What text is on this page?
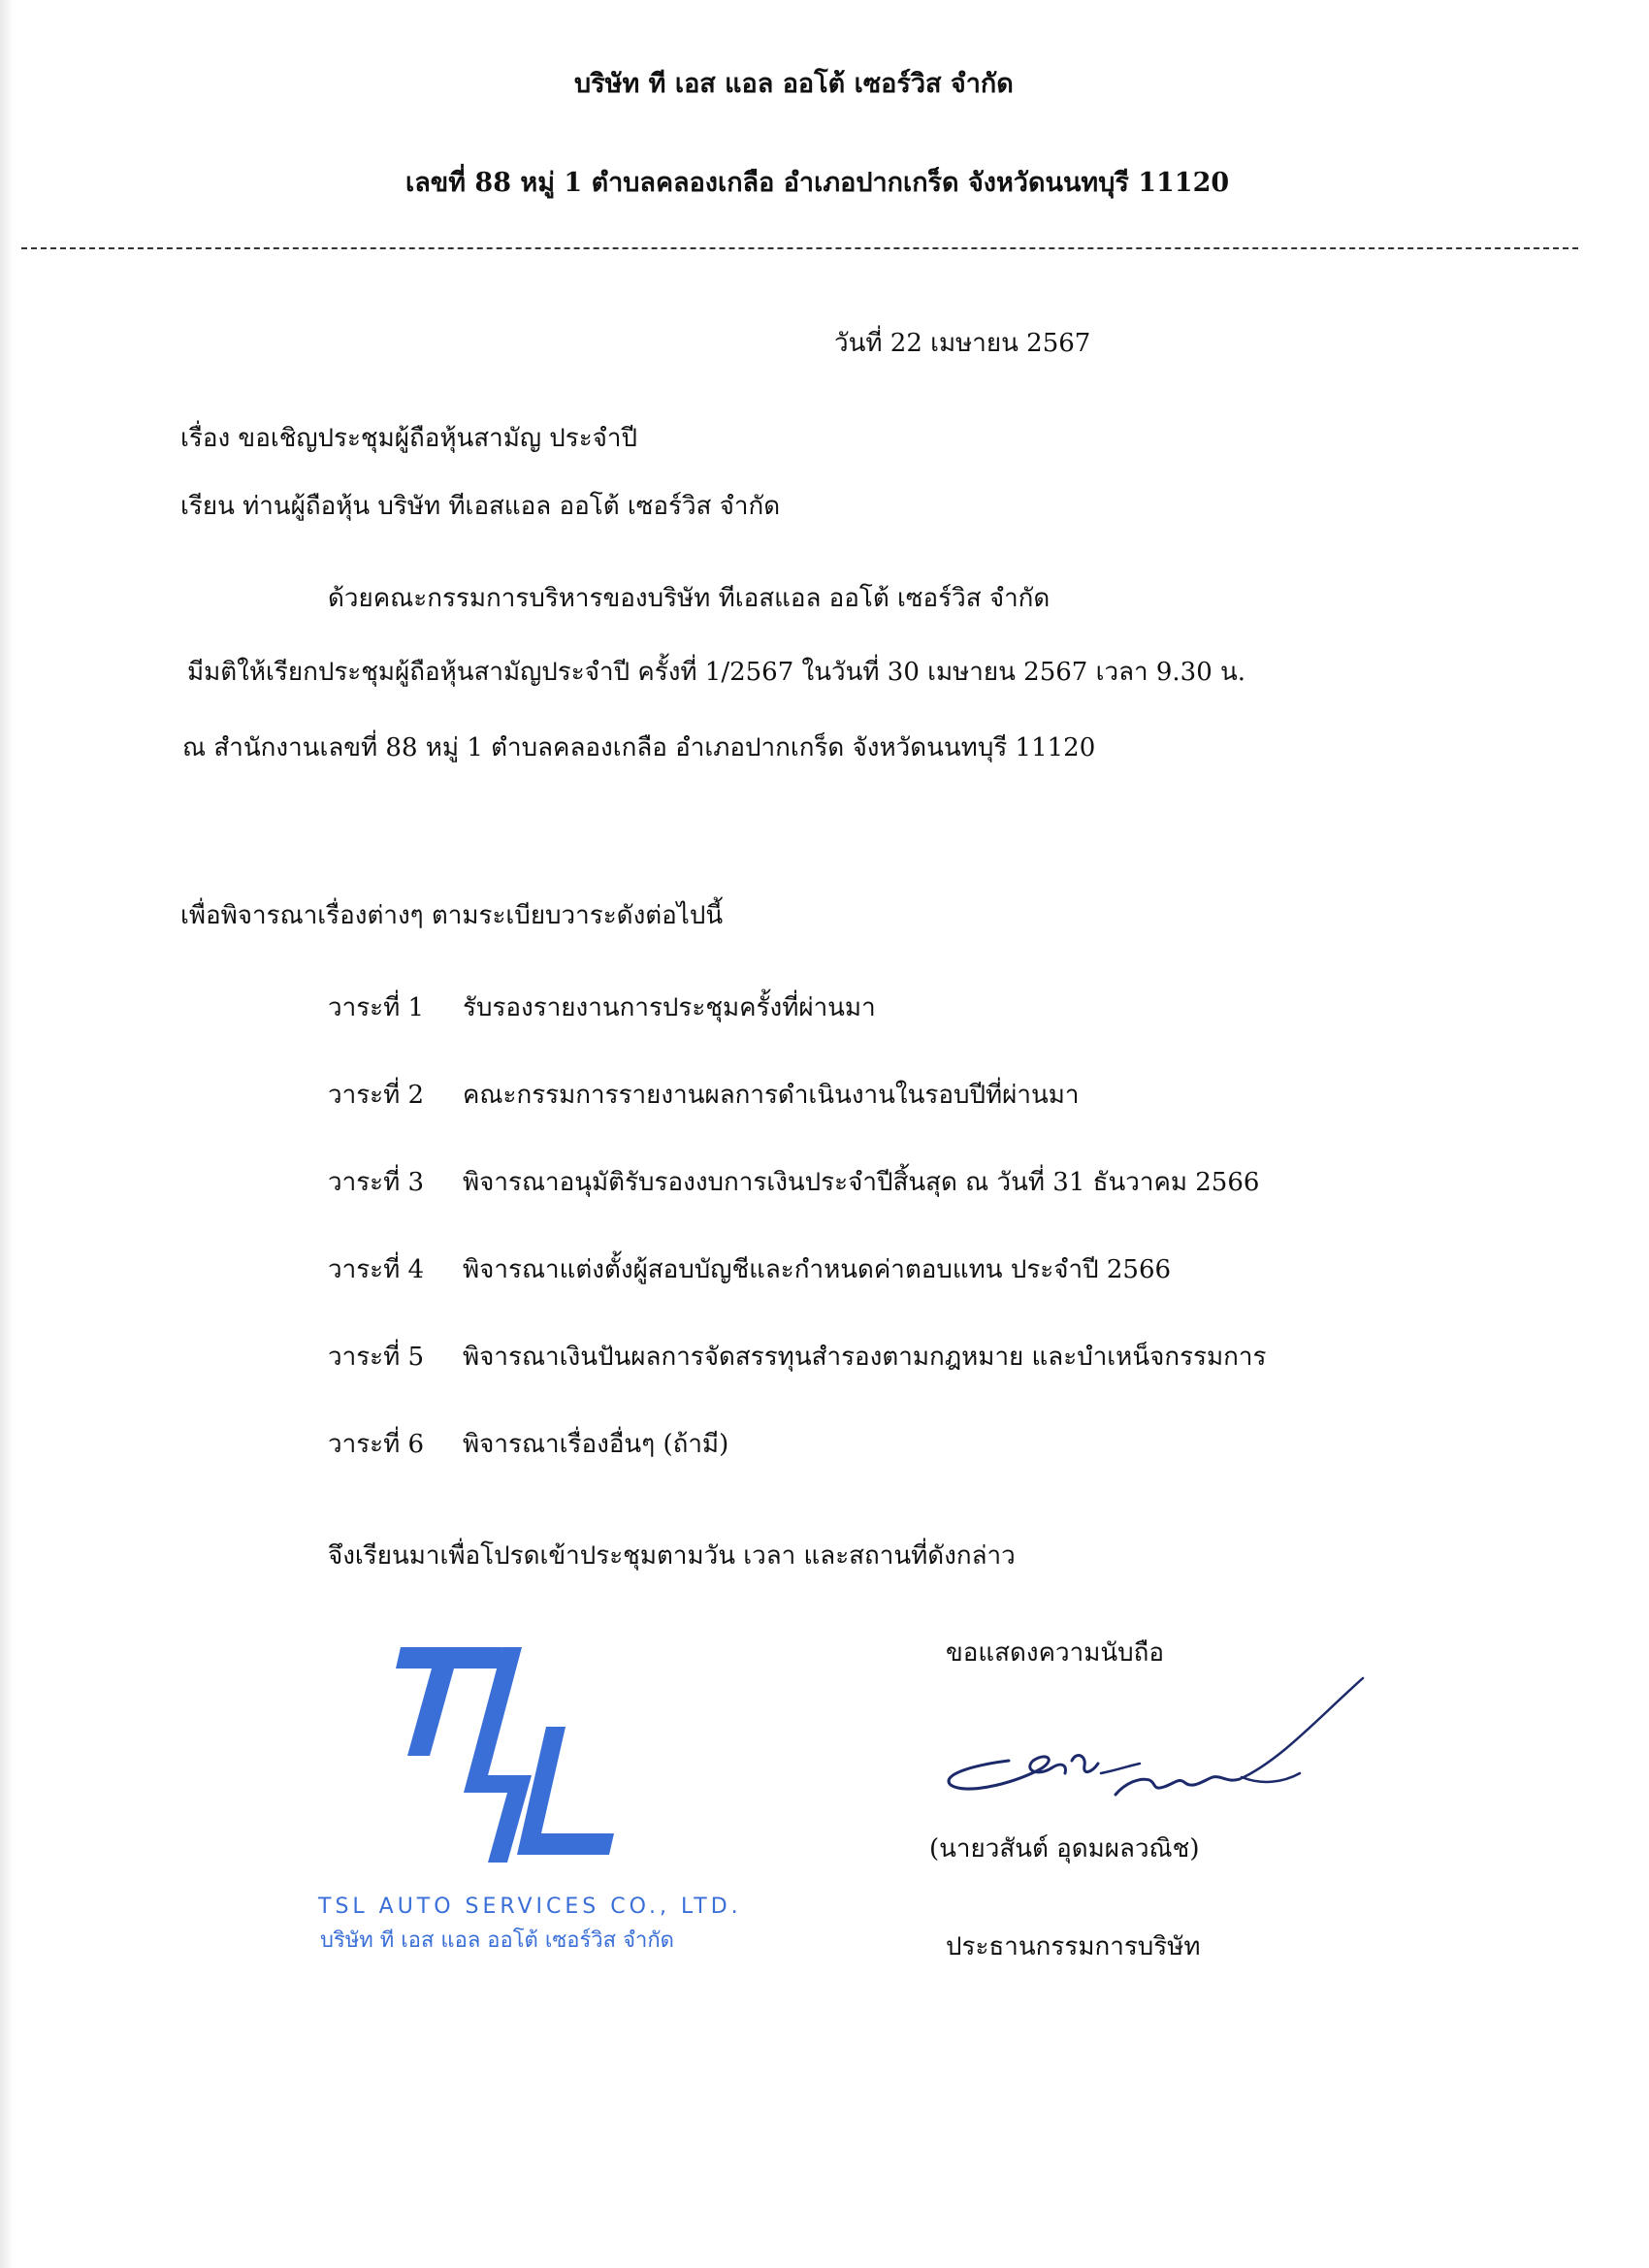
บริษัท ที เอส แอล ออโต้ เซอร์วิส จำกัด
เลขที่ 88 หมู่ 1 ตำบลคลองเกลือ อำเภอปากเกร็ด จังหวัดนนทบุรี 11120
วันที่ 22 เมษายน 2567
เรื่อง ขอเชิญประชุมผู้ถือหุ้นสามัญ ประจำปี
เรียน ท่านผู้ถือหุ้น บริษัท ทีเอสแอล ออโต้ เซอร์วิส จำกัด
ด้วยคณะกรรมการบริหารของบริษัท ทีเอสแอล ออโต้ เซอร์วิส จำกัด
มีมติให้เรียกประชุมผู้ถือหุ้นสามัญประจำปี ครั้งที่ 1/2567 ในวันที่ 30 เมษายน 2567 เวลา 9.30 น.
ณ สำนักงานเลขที่ 88 หมู่ 1 ตำบลคลองเกลือ อำเภอปากเกร็ด จังหวัดนนทบุรี 11120
เพื่อพิจารณาเรื่องต่างๆ ตามระเบียบวาระดังต่อไปนี้
วาระที่ 1 รับรองรายงานการประชุมครั้งที่ผ่านมา
วาระที่ 2 คณะกรรมการรายงานผลการดำเนินงานในรอบปีที่ผ่านมา
วาระที่ 3 พิจารณาอนุมัติรับรองงบการเงินประจำปีสิ้นสุด ณ วันที่ 31 ธันวาคม 2566
วาระที่ 4 พิจารณาแต่งตั้งผู้สอบบัญชีและกำหนดค่าตอบแทน ประจำปี 2566
วาระที่ 5 พิจารณาเงินปันผลการจัดสรรทุนสำรองตามกฎหมาย และบำเหน็จกรรมการ
วาระที่ 6 พิจารณาเรื่องอื่นๆ (ถ้ามี)
จึงเรียนมาเพื่อโปรดเข้าประชุมตามวัน เวลา และสถานที่ดังกล่าว
ขอแสดงความนับถือ
(นายวสันต์ อุดมผลวณิช)
ประธานกรรมการบริษัท
TSL AUTO SERVICES CO., LTD.
บริษัท ที เอส แอล ออโต้ เซอร์วิส จำกัด
